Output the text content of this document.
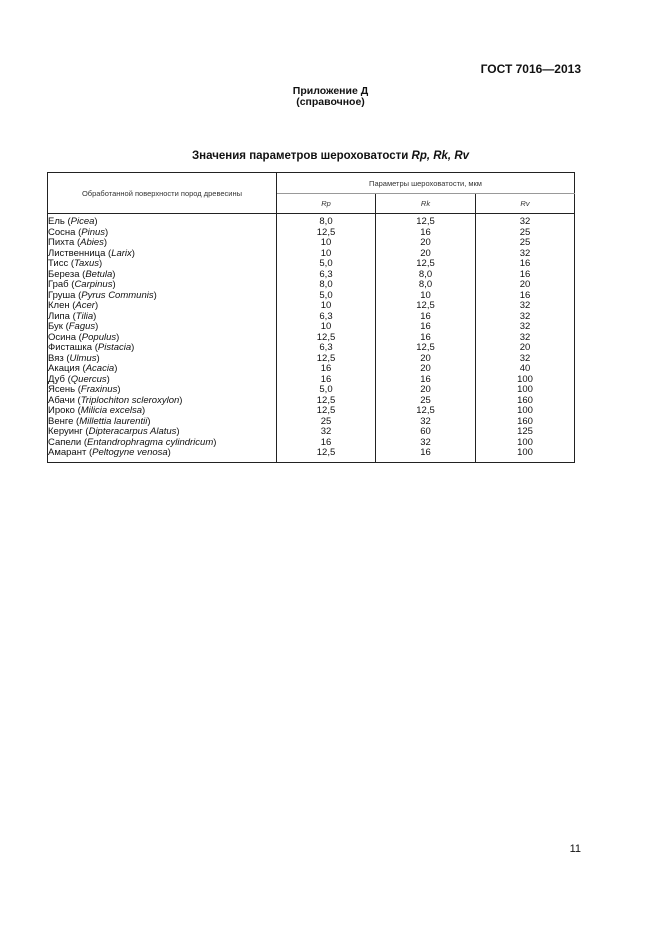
ГОСТ 7016—2013
Приложение Д
(справочное)
Значения параметров шероховатости Rp, Rk, Rv
Обработанной поверхности пород древесины	Параметры шероховатости, мкм		
	Rp	Rk	Rv
Ель (Picea)	8,0	12,5	32
Сосна (Pinus)	12,5	16	25
Пихта (Abies)	10	20	25
Лиственница (Larix)	10	20	32
Тисс (Taxus)	5,0	12,5	16
Береза (Betula)	6,3	8,0	16
Граб (Carpinus)	8,0	8,0	20
Груша (Pyrus Communis)	5,0	10	16
Клен (Acer)	10	12,5	32
Липа (Tilia)	6,3	16	32
Бук (Fagus)	10	16	32
Осина (Populus)	12,5	16	32
Фисташка (Pistacia)	6,3	12,5	20
Вяз (Ulmus)	12,5	20	32
Акация (Acacia)	16	20	40
Дуб (Quercus)	16	16	100
Ясень (Fraxinus)	5,0	20	100
Абачи (Triplochiton scleroxylon)	12,5	25	160
Ироко (Milicia excelsa)	12,5	12,5	100
Венге (Millettia laurentii)	25	32	160
Керуинг (Dipteracarpus Alatus)	32	60	125
Сапели (Entandrophragma cylindricum)	16	32	100
Амарант (Peltogyne venosa)	12,5	16	100
11
